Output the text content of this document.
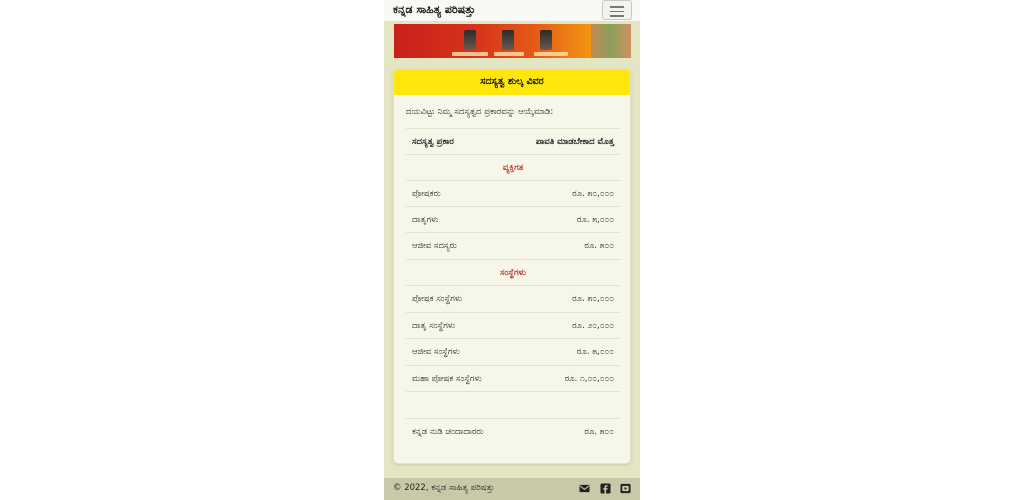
ಕನ್ನಡ ಸಾಹಿತ್ಯ ಪರಿಷತ್ತು
ಸದಸ್ಯತ್ವ ಶುಲ್ಕ ವಿವರ
ದಯವಿಟ್ಟು ನಿಮ್ಮ ಸದಸ್ಯತ್ವದ ಪ್ರಕಾರವನ್ನು ಆಯ್ಕೆಮಾಡಿ:
ಸದಸ್ಯತ್ವ ಪ್ರಕಾರ	ಪಾವತಿ ಮಾಡಬೇಕಾದ ಮೊತ್ತ
ವ್ಯಕ್ತಿಗತ
ಪೋಷಕರು	ರೂ. ೫೦,೦೦೦
ದಾತೃಗಳು	ರೂ. ೫,೦೦೦
ಆಜೀವ ಸದಸ್ಯರು	ರೂ. ೫೦೦
ಸಂಸ್ಥೆಗಳು
ಪೋಷಕ ಸಂಸ್ಥೆಗಳು	ರೂ. ೫೦,೦೦೦
ದಾತೃ ಸಂಸ್ಥೆಗಳು	ರೂ. ೨೦,೦೦೦
ಆಜೀವ ಸಂಸ್ಥೆಗಳು	ರೂ. ೫,೦೦೦
ಮಹಾ ಪೋಷಕ ಸಂಸ್ಥೆಗಳು	ರೂ. ೧,೦೦,೦೦೦
ಕನ್ನಡ ನುಡಿ ಚಂದಾದಾರರು	ರೂ. ೫೦೦
© 2022, ಕನ್ನಡ ಸಾಹಿತ್ಯ ಪರಿಷತ್ತು
